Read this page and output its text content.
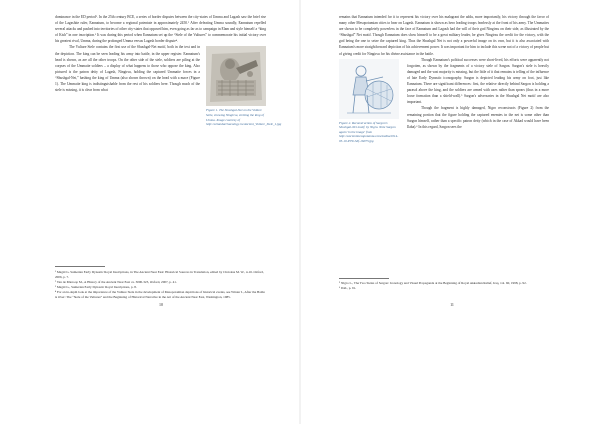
dominance in the ED period¹. In the 25th century BCE, a series of border disputes between the city-states of Umma and Lagash saw the brief rise of the Lagashite ruler, Eannatum, to become a regional potentate in approximately 2450.² After defeating Umma soundly, Eannatum repelled several attacks and pushed into territories of other city-states that opposed him, even going as far as to campaign in Elam and style himself a “king of Kish” in one inscription.³ It was during this period when Eannatum set up the “Stele of the Vultures” to commemorate his initial victory over his greatest rival, Umma, during the prolonged Umma versus Lagash border dispute⁴.

Figure 1. The Shushgal-Net on the Vulture Stele, showing Ningirsu, striking the king of Umma. Image courtesy of http://artandarchaeology.ru/Ancient_Vulture_Stele_1.jpg

The Vulture Stele contains the first use of the Shushgal-Net motif, both in the text and in the depiction. The king can be seen leading his army into battle, in the upper register. Eannatum's head is shown, as are all the other troops. On the other side of the stele, soldiers are piling at the corpses of the Ummaite soldiers – a display of what happens to those who oppose the king. Also pictured is the patron deity of Lagash, Ningirsu, holding the captured Ummaite forces in a “Shushgal-Net,” bashing the king of Umma (also shown thrown) on the head with a mace (Figure 1). The Ummaite king is indistinguishable from the rest of his soldiers here. Though much of the stele is missing, it is clear from what

¹ Magid G. Sumerian Early Dynastic Royal Inscriptions, in The Ancient Near East: Historical Sources in Translation, edited by Chavalas M. W., 4-16. Oxford, 2006, p. 7.
² Van de Mieroop M., A History of the Ancient Near East ca. 3000-323, Oxford, 2007, p. 41.
³ Magid G., Sumerian Early Dynastic Royal Inscriptions, p. 8.
⁴ For an in-depth look at the importance of the Vulture Stele in the development of Mesopotamian depictions of historical events, see Winter I., After the Battle is Over: The “Stele of the Vultures” and the Beginning of Historical Narrative in the Art of the Ancient Near East, Washington, 1985.
10

remains that Eannatum intended for it to represent his victory over his malagrant the addu, more importantly, his victory through the favor of many other Mesopotamian cities to bear on Lagash. Eannatum is shown as hero leading troops fearlessly at the front of his army. The Ummaites are shown to be completely powerless in the face of Eannatum and Lagash had the will of their god Ningirsu on their side, as illustrated by the “Shushgal” Net motif. Though Eannatum does show himself to be a great military leader, he gives Ningirsu the credit for the victory, with the god being the one to seize the captured king. Thus the Shushgal Net is not only a powerful image on its own, but it is also associated with Eannatum's more straightforward depiction of his achievement power. It was important for him to include this scene not of a victory of people but of giving credit for Ningirsu for his divine assistance in the battle.

Figure 2. Reconstruction of Sargon's Shushgal-Net motif, by Nigro. Note Sargon again 'in the image' from http://ancientmesopotamia.com/media/2014-05-10-PJW-Shf-16073.jpg

Though Eannatum's political successes were short-lived, his efforts were apparently not forgotten, as shown by the fragments of a victory stele of Sargon. Sargon's stele is heavily damaged and the vast majority is missing, but the little of it that remains is telling of the influence of late Early Dynastic iconography. Sargon is depicted leading his army on foot, just like Eannatum. There are significant differences: first, the relative directly behind Sargon is holding a parasol above the king, and the soldiers are armed with axes rather than spears (thus in a more loose formation than a shield-wall).⁵ Sargon's adversaries in the Shushgal Net motif are also important.

Though the fragment is highly damaged, Nigro reconstructs (Figure 2) from the remaining portion that the figure holding the captured enemies in the net is some other than Sargon himself, rather than a specific patron deity (which in the case of Akkad would have been Ilaba).⁶ In this regard, Sargon sees the

⁵ Nigro L., The Two Steles of Sargon: Iconology and Visual Propaganda at the Beginning of Royal Akkadian Relief, Iraq, vol. 60, 1998, p. 92.
⁶ Ibid., p. 91.
11
